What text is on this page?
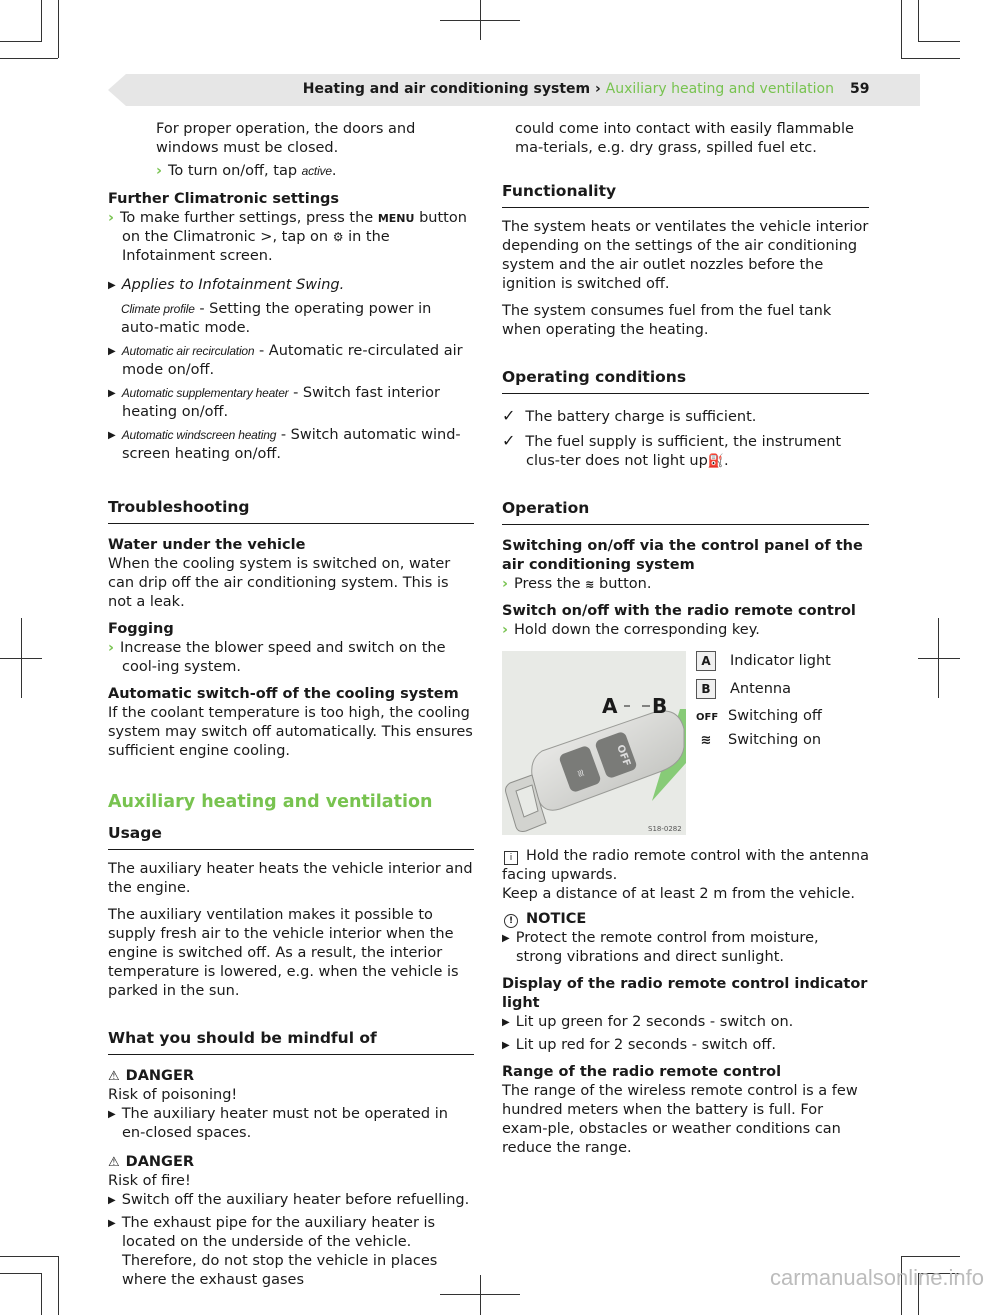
Heating and air conditioning system › Auxiliary heating and ventilation 59

For proper operation, the doors and windows must be closed.

› To turn on/off, tap active.

Further Climatronic settings

› To make further settings, press the MENU button on the Climatronic >, tap on ⚙ in the Infotainment screen.

▶ Applies to Infotainment Swing.

Climate profile - Setting the operating power in auto-matic mode.

▶ Automatic air recirculation - Automatic re-circulated air mode on/off.

▶ Automatic supplementary heater - Switch fast interior heating on/off.

▶ Automatic windscreen heating - Switch automatic wind-screen heating on/off.

Troubleshooting

Water under the vehicle

When the cooling system is switched on, water can drip off the air conditioning system. This is not a leak.

Fogging

› Increase the blower speed and switch on the cool-ing system.

Automatic switch-off of the cooling system

If the coolant temperature is too high, the cooling system may switch off automatically. This ensures sufficient engine cooling.

Auxiliary heating and ventilation

Usage

The auxiliary heater heats the vehicle interior and the engine.

The auxiliary ventilation makes it possible to supply fresh air to the vehicle interior when the engine is switched off. As a result, the interior temperature is lowered, e.g. when the vehicle is parked in the sun.

What you should be mindful of

⚠ DANGER

Risk of poisoning!

▶ The auxiliary heater must not be operated in en-closed spaces.

⚠ DANGER

Risk of fire!

▶ Switch off the auxiliary heater before refuelling.

▶ The exhaust pipe for the auxiliary heater is located on the underside of the vehicle. Therefore, do not stop the vehicle in places where the exhaust gases

could come into contact with easily flammable ma-terials, e.g. dry grass, spilled fuel etc.

Functionality

The system heats or ventilates the vehicle interior depending on the settings of the air conditioning system and the air outlet nozzles before the ignition is switched off.

The system consumes fuel from the fuel tank when operating the heating.

Operating conditions

✓ The battery charge is sufficient.

✓ The fuel supply is sufficient, the instrument clus-ter does not light up⛽.

Operation

Switching on/off via the control panel of the air conditioning system

› Press the ≋ button.

Switch on/off with the radio remote control

› Hold down the corresponding key.

≋
OFF
A B
S18-0282

A Indicator light

B Antenna

OFF Switching off

≋ Switching on

i Hold the radio remote control with the antenna facing upwards.

Keep a distance of at least 2 m from the vehicle.

! NOTICE

▶ Protect the remote control from moisture, strong vibrations and direct sunlight.

Display of the radio remote control indicator light

▶ Lit up green for 2 seconds - switch on.

▶ Lit up red for 2 seconds - switch off.

Range of the radio remote control

The range of the wireless remote control is a few hundred meters when the battery is full. For exam-ple, obstacles or weather conditions can reduce the range.

carmanualsonline.info
